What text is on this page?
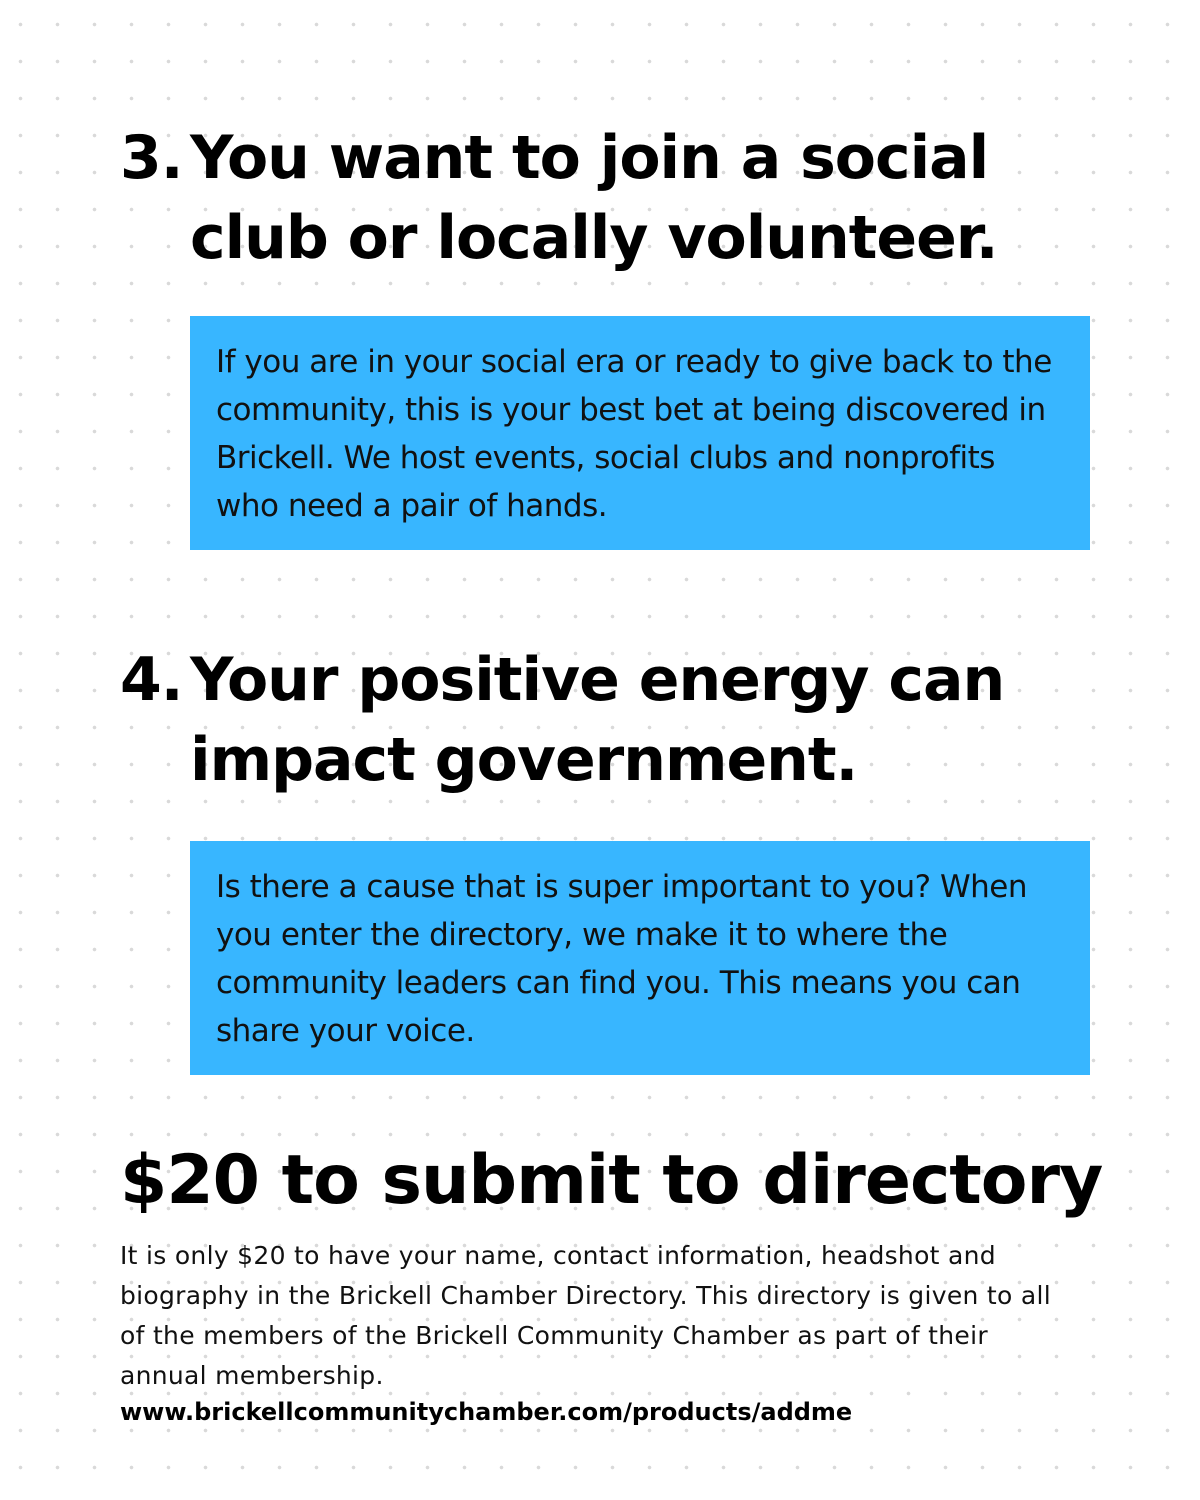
3. You want to join a social club or locally volunteer.
If you are in your social era or ready to give back to the community, this is your best bet at being discovered in Brickell. We host events, social clubs and nonprofits who need a pair of hands.
4. Your positive energy can impact government.
Is there a cause that is super important to you? When you enter the directory, we make it to where the community leaders can find you. This means you can share your voice.
$20 to submit to directory

It is only $20 to have your name, contact information, headshot and biography in the Brickell Chamber Directory. This directory is given to all of the members of the Brickell Community Chamber as part of their annual membership.

www.brickellcommunitychamber.com/products/addme
